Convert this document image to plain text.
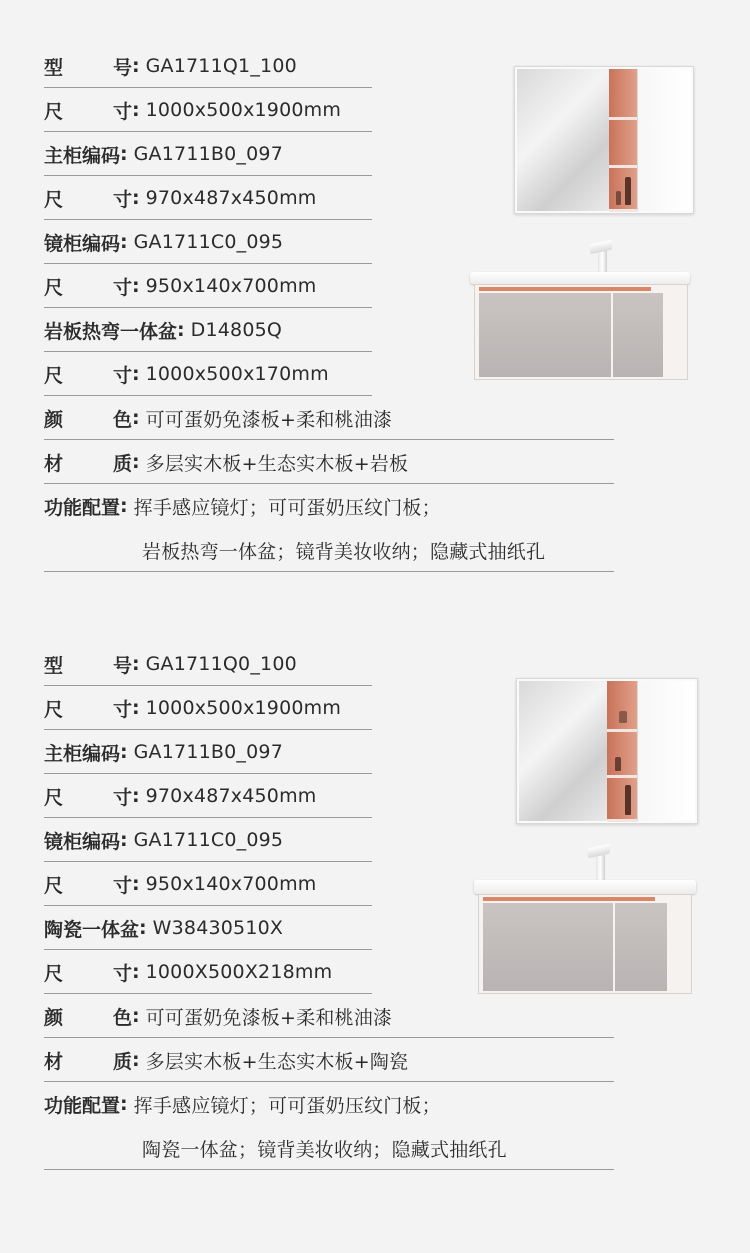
型	号 : GA1711Q1_100
尺	寸 : 1000x500x1900mm
主柜编码 : GA1711B0_097
尺	寸 : 970x487x450mm
镜柜编码 : GA1711C0_095
尺	寸 : 950x140x700mm
岩板热弯一体盆 : D14805Q
尺	寸 : 1000x500x170mm
颜	色 : 可可蛋奶免漆板+柔和桃油漆
材	质 : 多层实木板+生态实木板+岩板
功能配置 : 挥手感应镜灯；可可蛋奶压纹门板；
岩板热弯一体盆；镜背美妆收纳；隐藏式抽纸孔
型	号 : GA1711Q0_100
尺	寸 : 1000x500x1900mm
主柜编码 : GA1711B0_097
尺	寸 : 970x487x450mm
镜柜编码 : GA1711C0_095
尺	寸 : 950x140x700mm
陶瓷一体盆 : W38430510X
尺	寸 : 1000X500X218mm
颜	色 : 可可蛋奶免漆板+柔和桃油漆
材	质 : 多层实木板+生态实木板+陶瓷
功能配置 : 挥手感应镜灯；可可蛋奶压纹门板；
陶瓷一体盆；镜背美妆收纳；隐藏式抽纸孔
